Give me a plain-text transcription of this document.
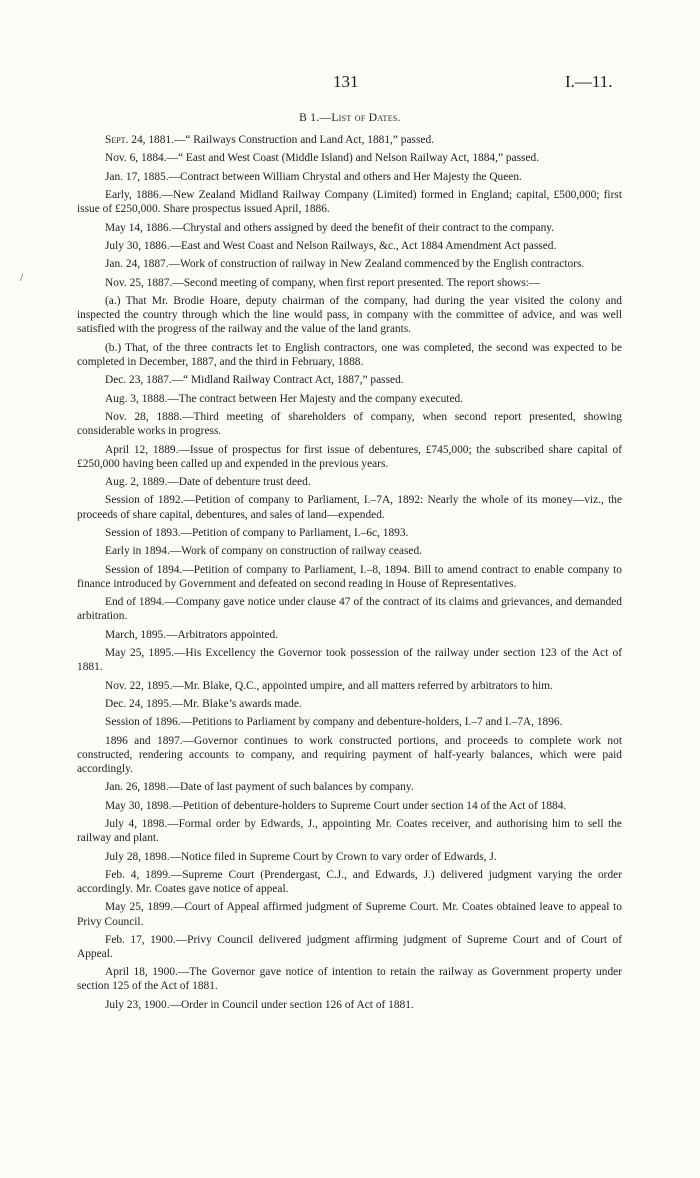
131	I.—11.
B 1.—List of Dates.
/

Sept. 24, 1881.—“ Railways Construction and Land Act, 1881,” passed.

Nov. 6, 1884.—“ East and West Coast (Middle Island) and Nelson Railway Act, 1884,” passed.

Jan. 17, 1885.—Contract between William Chrystal and others and Her Majesty the Queen.

Early, 1886.—New Zealand Midland Railway Company (Limited) formed in England; capital, £500,000; first issue of £250,000. Share prospectus issued April, 1886.

May 14, 1886.—Chrystal and others assigned by deed the benefit of their contract to the company.

July 30, 1886.—East and West Coast and Nelson Railways, &c., Act 1884 Amendment Act passed.

Jan. 24, 1887.—Work of construction of railway in New Zealand commenced by the English contractors.

Nov. 25, 1887.—Second meeting of company, when first report presented. The report shows:—

(a.) That Mr. Brodie Hoare, deputy chairman of the company, had during the year visited the colony and inspected the country through which the line would pass, in company with the committee of advice, and was well satisfied with the progress of the railway and the value of the land grants.

(b.) That, of the three contracts let to English contractors, one was completed, the second was expected to be completed in December, 1887, and the third in February, 1888.

Dec. 23, 1887.—“ Midland Railway Contract Act, 1887,” passed.

Aug. 3, 1888.—The contract between Her Majesty and the company executed.

Nov. 28, 1888.—Third meeting of shareholders of company, when second report presented, showing considerable works in progress.

April 12, 1889.—Issue of prospectus for first issue of debentures, £745,000; the subscribed share capital of £250,000 having been called up and expended in the previous years.

Aug. 2, 1889.—Date of debenture trust deed.

Session of 1892.—Petition of company to Parliament, I.–7A, 1892: Nearly the whole of its money—viz., the proceeds of share capital, debentures, and sales of land—expended.

Session of 1893.—Petition of company to Parliament, I.–6c, 1893.

Early in 1894.—Work of company on construction of railway ceased.

Session of 1894.—Petition of company to Parliament, I.–8, 1894. Bill to amend contract to enable company to finance introduced by Government and defeated on second reading in House of Representatives.

End of 1894.—Company gave notice under clause 47 of the contract of its claims and grievances, and demanded arbitration.

March, 1895.—Arbitrators appointed.

May 25, 1895.—His Excellency the Governor took possession of the railway under section 123 of the Act of 1881.

Nov. 22, 1895.—Mr. Blake, Q.C., appointed umpire, and all matters referred by arbitrators to him.

Dec. 24, 1895.—Mr. Blake’s awards made.

Session of 1896.—Petitions to Parliament by company and debenture-holders, I.–7 and I.–7A, 1896.

1896 and 1897.—Governor continues to work constructed portions, and proceeds to complete work not constructed, rendering accounts to company, and requiring payment of half-yearly balances, which were paid accordingly.

Jan. 26, 1898.—Date of last payment of such balances by company.

May 30, 1898.—Petition of debenture-holders to Supreme Court under section 14 of the Act of 1884.

July 4, 1898.—Formal order by Edwards, J., appointing Mr. Coates receiver, and authorising him to sell the railway and plant.

July 28, 1898.—Notice filed in Supreme Court by Crown to vary order of Edwards, J.

Feb. 4, 1899.—Supreme Court (Prendergast, C.J., and Edwards, J.) delivered judgment varying the order accordingly. Mr. Coates gave notice of appeal.

May 25, 1899.—Court of Appeal affirmed judgment of Supreme Court. Mr. Coates obtained leave to appeal to Privy Council.

Feb. 17, 1900.—Privy Council delivered judgment affirming judgment of Supreme Court and of Court of Appeal.

April 18, 1900.—The Governor gave notice of intention to retain the railway as Government property under section 125 of the Act of 1881.

July 23, 1900.—Order in Council under section 126 of Act of 1881.
